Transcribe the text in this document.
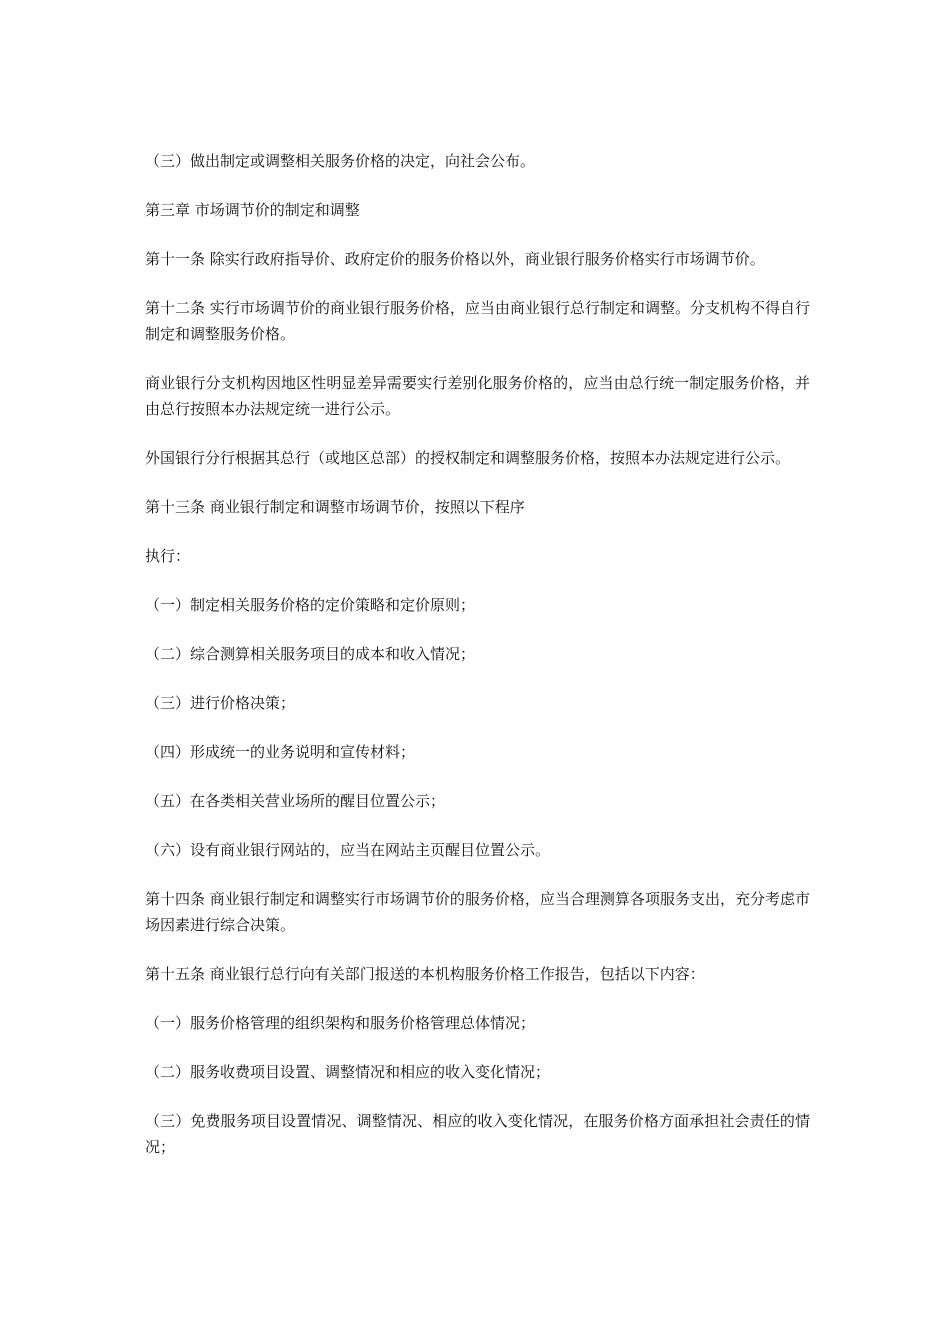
（三）做出制定或调整相关服务价格的决定，向社会公布。

第三章 市场调节价的制定和调整

第十一条 除实行政府指导价、政府定价的服务价格以外，商业银行服务价格实行市场调节价。

第十二条 实行市场调节价的商业银行服务价格，应当由商业银行总行制定和调整。分支机构不得自行制定和调整服务价格。

商业银行分支机构因地区性明显差异需要实行差别化服务价格的，应当由总行统一制定服务价格，并由总行按照本办法规定统一进行公示。

外国银行分行根据其总行（或地区总部）的授权制定和调整服务价格，按照本办法规定进行公示。

第十三条 商业银行制定和调整市场调节价，按照以下程序

执行：

（一）制定相关服务价格的定价策略和定价原则；

（二）综合测算相关服务项目的成本和收入情况；

（三）进行价格决策；

（四）形成统一的业务说明和宣传材料；

（五）在各类相关营业场所的醒目位置公示；

（六）设有商业银行网站的，应当在网站主页醒目位置公示。

第十四条 商业银行制定和调整实行市场调节价的服务价格，应当合理测算各项服务支出，充分考虑市场因素进行综合决策。

第十五条 商业银行总行向有关部门报送的本机构服务价格工作报告，包括以下内容：

（一）服务价格管理的组织架构和服务价格管理总体情况；

（二）服务收费项目设置、调整情况和相应的收入变化情况；

（三）免费服务项目设置情况、调整情况、相应的收入变化情况，在服务价格方面承担社会责任的情况；
